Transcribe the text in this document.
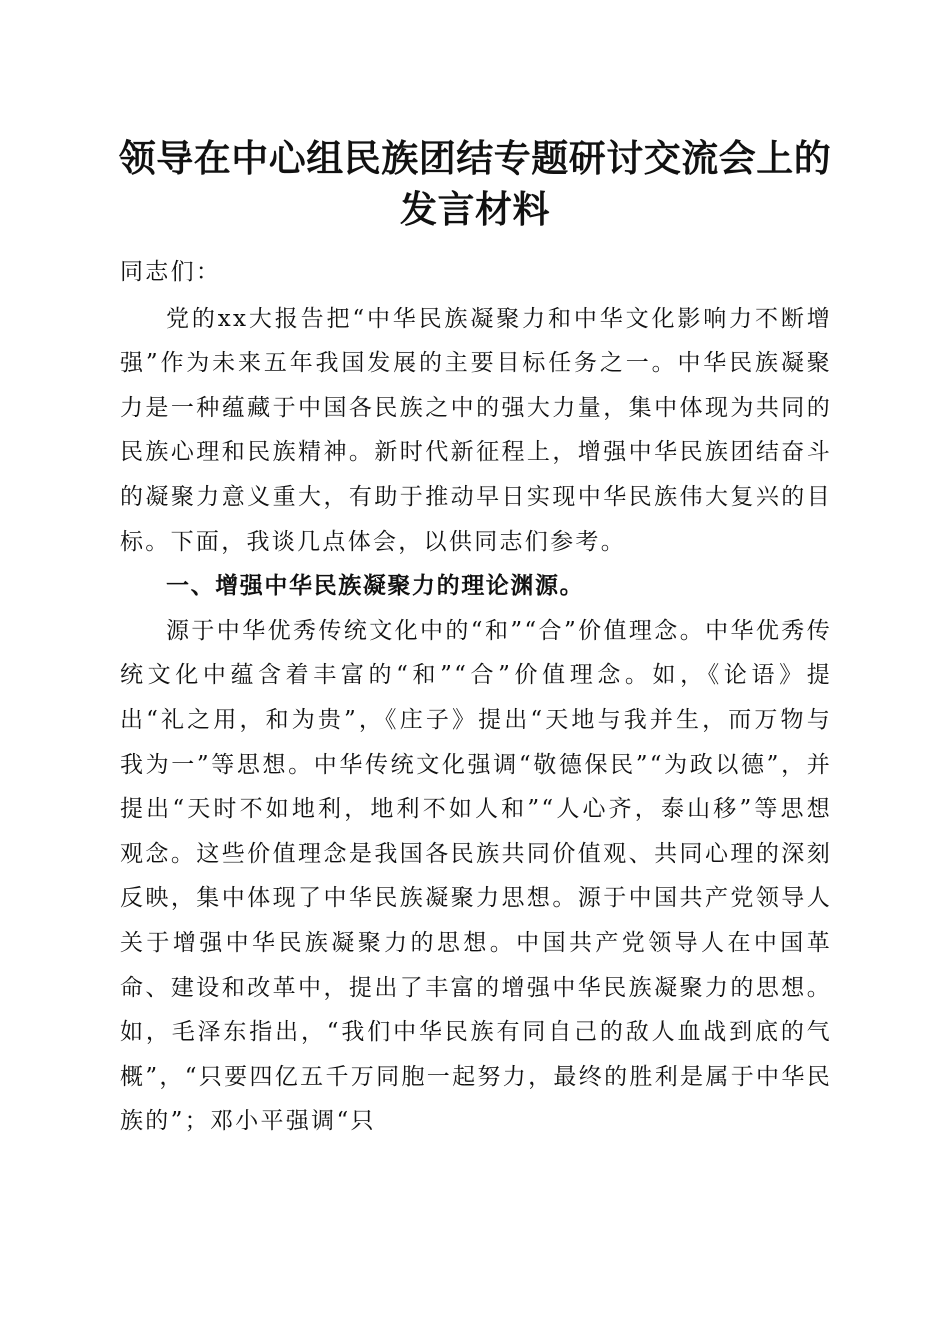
领导在中心组民族团结专题研讨交流会上的发言材料

同志们：

党的xx大报告把“中华民族凝聚力和中华文化影响力不断增强”作为未来五年我国发展的主要目标任务之一。中华民族凝聚力是一种蕴藏于中国各民族之中的强大力量，集中体现为共同的民族心理和民族精神。新时代新征程上，增强中华民族团结奋斗的凝聚力意义重大，有助于推动早日实现中华民族伟大复兴的目标。下面，我谈几点体会，以供同志们参考。

一、增强中华民族凝聚力的理论渊源。

源于中华优秀传统文化中的“和”“合”价值理念。中华优秀传统文化中蕴含着丰富的“和”“合”价值理念。如，《论语》提出“礼之用，和为贵”，《庄子》提出“天地与我并生，而万物与我为一”等思想。中华传统文化强调“敬德保民”“为政以德”，并提出“天时不如地利，地利不如人和”“人心齐，泰山移”等思想观念。这些价值理念是我国各民族共同价值观、共同心理的深刻反映，集中体现了中华民族凝聚力思想。源于中国共产党领导人关于增强中华民族凝聚力的思想。中国共产党领导人在中国革命、建设和改革中，提出了丰富的增强中华民族凝聚力的思想。如，毛泽东指出，“我们中华民族有同自己的敌人血战到底的气概”，“只要四亿五千万同胞一起努力，最终的胜利是属于中华民族的”；邓小平强调“只
